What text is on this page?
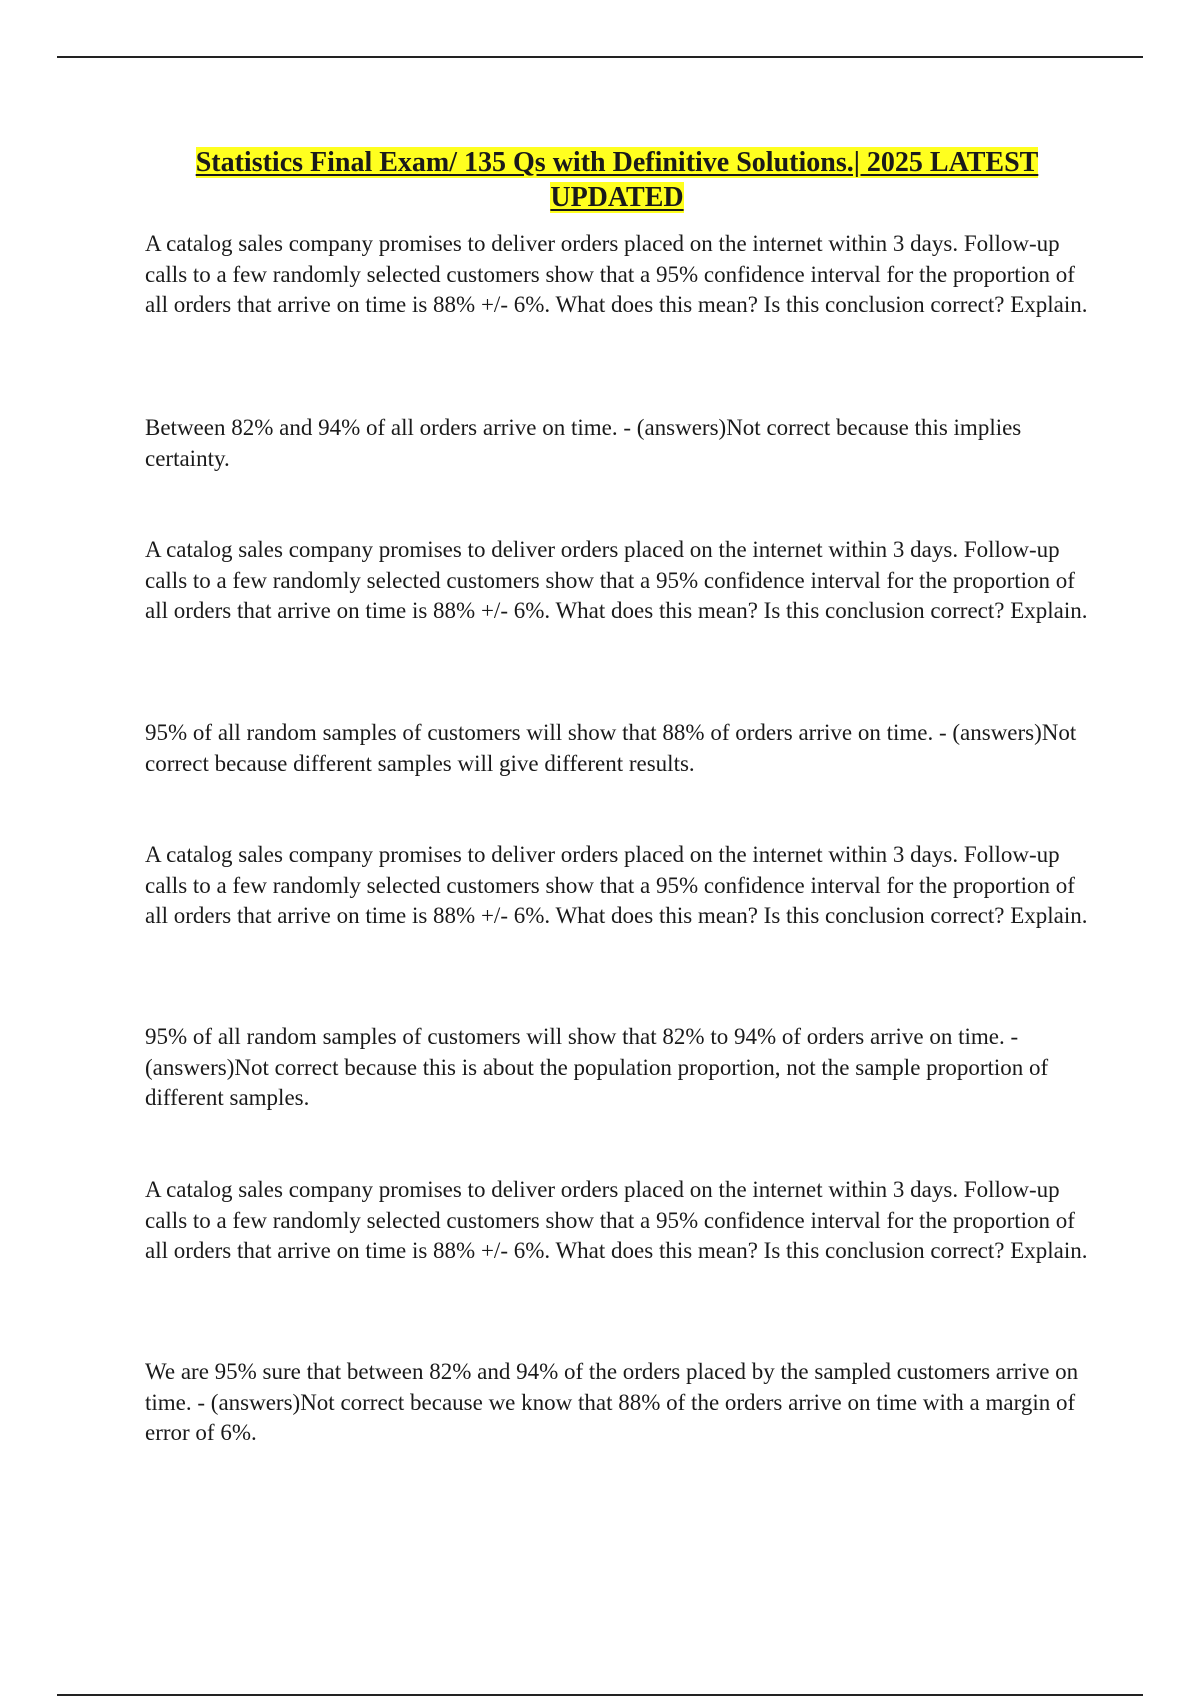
Statistics Final Exam/ 135 Qs with Definitive Solutions.| 2025 LATEST UPDATED

A catalog sales company promises to deliver orders placed on the internet within 3 days. Follow-up calls to a few randomly selected customers show that a 95% confidence interval for the proportion of all orders that arrive on time is 88% +/- 6%. What does this mean? Is this conclusion correct? Explain.

Between 82% and 94% of all orders arrive on time. - (answers)Not correct because this implies certainty.

A catalog sales company promises to deliver orders placed on the internet within 3 days. Follow-up calls to a few randomly selected customers show that a 95% confidence interval for the proportion of all orders that arrive on time is 88% +/- 6%. What does this mean? Is this conclusion correct? Explain.

95% of all random samples of customers will show that 88% of orders arrive on time. - (answers)Not correct because different samples will give different results.

A catalog sales company promises to deliver orders placed on the internet within 3 days. Follow-up calls to a few randomly selected customers show that a 95% confidence interval for the proportion of all orders that arrive on time is 88% +/- 6%. What does this mean? Is this conclusion correct? Explain.

95% of all random samples of customers will show that 82% to 94% of orders arrive on time. - (answers)Not correct because this is about the population proportion, not the sample proportion of different samples.

A catalog sales company promises to deliver orders placed on the internet within 3 days. Follow-up calls to a few randomly selected customers show that a 95% confidence interval for the proportion of all orders that arrive on time is 88% +/- 6%. What does this mean? Is this conclusion correct? Explain.

We are 95% sure that between 82% and 94% of the orders placed by the sampled customers arrive on time. - (answers)Not correct because we know that 88% of the orders arrive on time with a margin of error of 6%.
